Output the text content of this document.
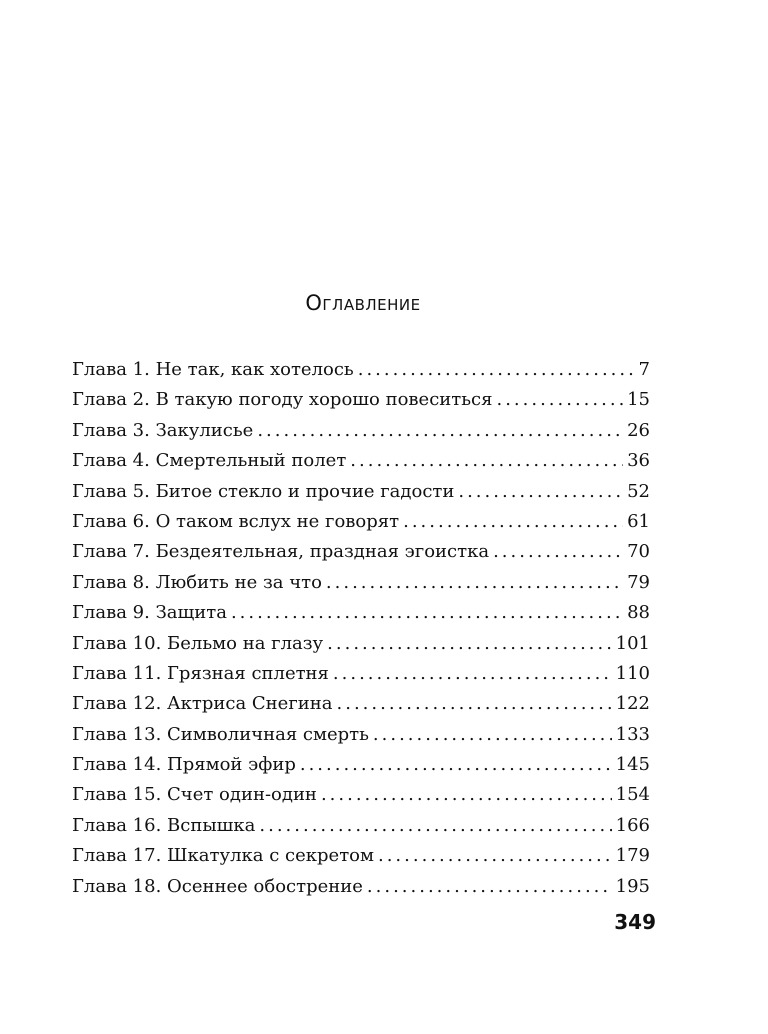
Оглавление
Глава 1. Не так, как хотелось .....	7
Глава 2. В такую погоду хорошо повеситься .....	15
Глава 3. Закулисье .....	26
Глава 4. Смертельный полет .....	36
Глава 5. Битое стекло и прочие гадости .....	52
Глава 6. О таком вслух не говорят .....	61
Глава 7. Бездеятельная, праздная эгоистка .....	70
Глава 8. Любить не за что .....	79
Глава 9. Защита .....	88
Глава 10. Бельмо на глазу .....	101
Глава 11. Грязная сплетня .....	110
Глава 12. Актриса Снегина .....	122
Глава 13. Символичная смерть .....	133
Глава 14. Прямой эфир .....	145
Глава 15. Счет один-один .....	154
Глава 16. Вспышка .....	166
Глава 17. Шкатулка с секретом .....	179
Глава 18. Осеннее обострение .....	195
349
